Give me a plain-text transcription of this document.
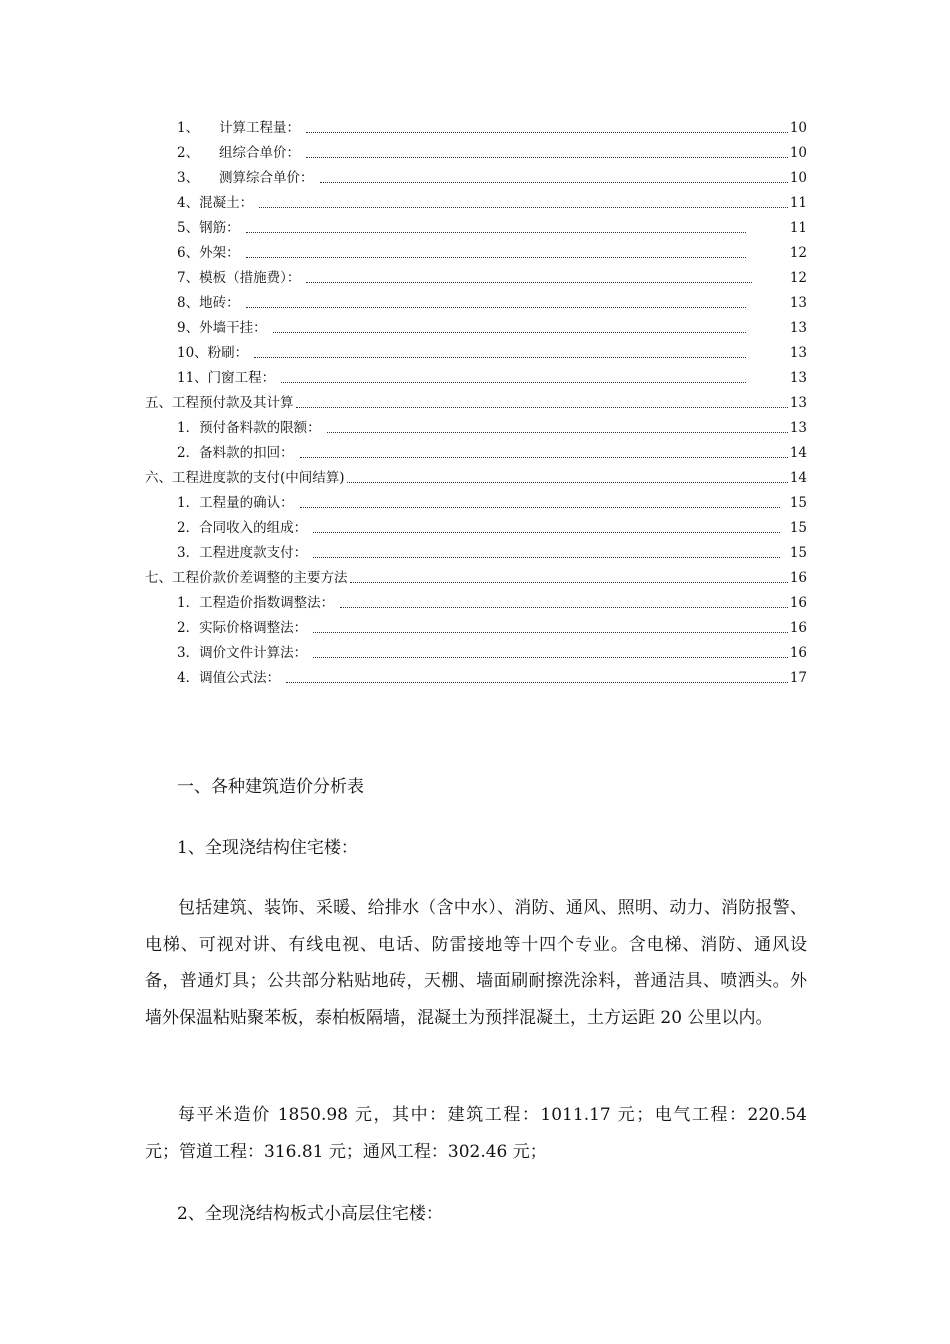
1、 计算工程量：	10
2、 组综合单价：	10
3、 测算综合单价：	10
4、混凝土：	11
5、钢筋：	11
6、外架：	12
7、模板（措施费）：	12
8、地砖：	13
9、外墙干挂：	13
10、粉刷：	13
11、门窗工程：	13
五、工程预付款及其计算	13
1．预付备料款的限额：	13
2．备料款的扣回：	14
六、工程进度款的支付(中间结算)	14
1．工程量的确认：	15
2．合同收入的组成：	15
3．工程进度款支付：	15
七、工程价款价差调整的主要方法	16
1．工程造价指数调整法：	16
2．实际价格调整法：	16
3．调价文件计算法：	16
4．调值公式法：	17
一、各种建筑造价分析表
1、全现浇结构住宅楼：
包括建筑、装饰、采暖、给排水（含中水）、消防、通风、照明、动力、消防报警、电梯、可视对讲、有线电视、电话、防雷接地等十四个专业。含电梯、消防、通风设备，普通灯具；公共部分粘贴地砖，天棚、墙面刷耐擦洗涂料，普通洁具、喷洒头。外墙外保温粘贴聚苯板，泰柏板隔墙，混凝土为预拌混凝土，土方运距 20 公里以内。
每平米造价 1850.98 元，其中：建筑工程：1011.17 元；电气工程：220.54 元；管道工程：316.81 元；通风工程：302.46 元；
2、全现浇结构板式小高层住宅楼：
